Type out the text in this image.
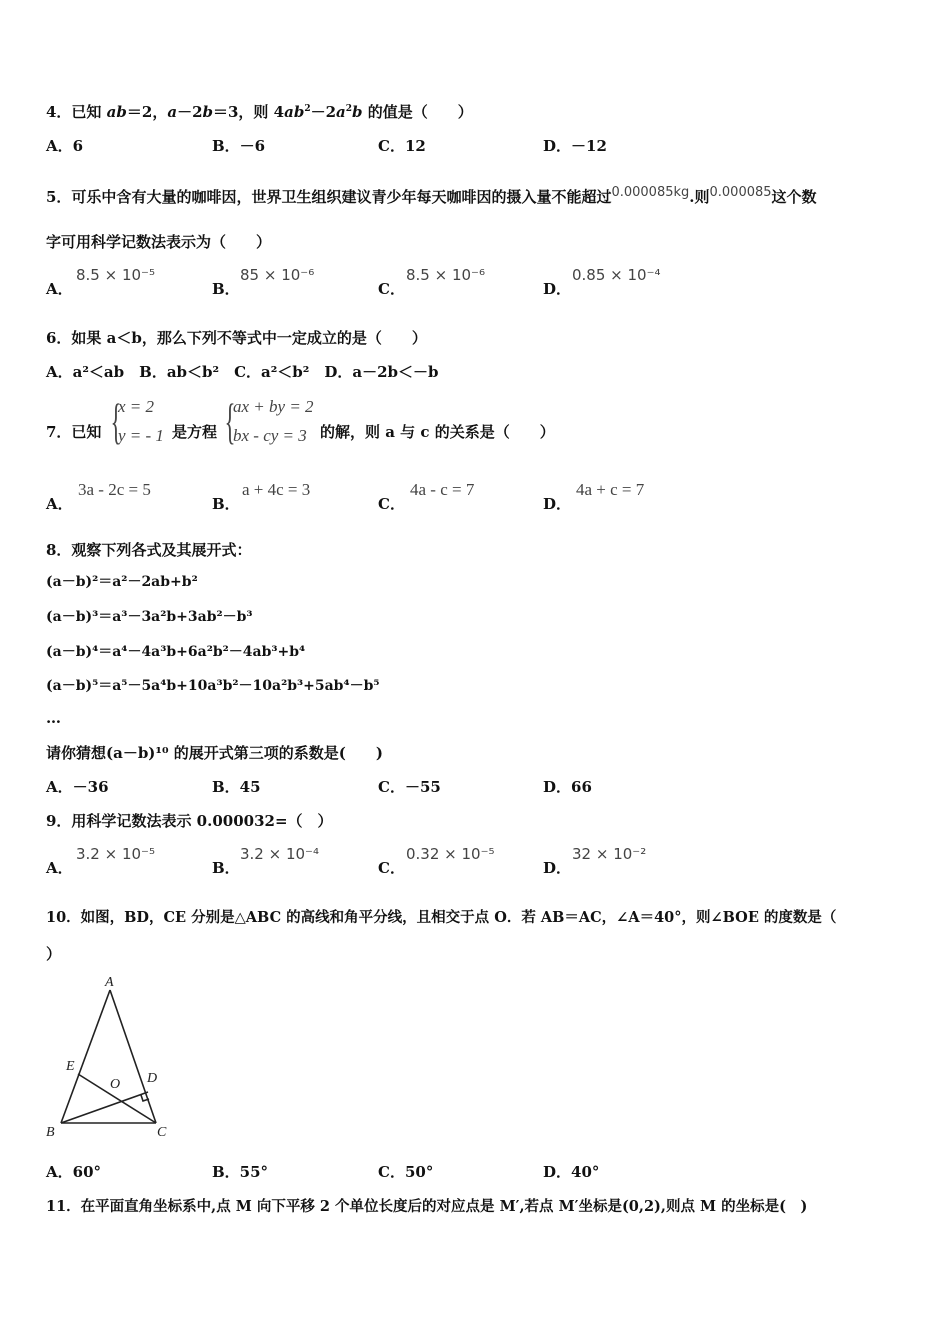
4．已知 ab＝2，a－2b＝3，则 $4ab^2-2a^2b$ 的值是（　　）
A．6	B．－6	C．12	D．－12
5．可乐中含有大量的咖啡因，世界卫生组织建议青少年每天咖啡因的摄入量不能超过0.000085kg.则0.000085这个数
字可用科学记数法表示为（　　）
A．
8.5 × 10⁻⁵
B．
85 × 10⁻⁶
C．
8.5 × 10⁻⁶
D．
0.85 × 10⁻⁴
6．如果 a＜b，那么下列不等式中一定成立的是（　　）
A．a²＜ab　B．ab＜b²　C．a²＜b²　D．a－2b＜－b
7．已知 {
x = 2
y = - 1 是方程 {
ax + by = 2
bx - cy = 3 的解，则 a 与 c 的关系是（　　）
A．
3a - 2c = 5
B．
a + 4c = 3
C．
4a - c = 7
D．
4a + c = 7
8．观察下列各式及其展开式：
(a－b)²＝a²－2ab+b²
(a－b)³＝a³－3a²b+3ab²－b³
(a－b)⁴＝a⁴－4a³b+6a²b²－4ab³+b⁴
(a－b)⁵＝a⁵－5a⁴b+10a³b²－10a²b³+5ab⁴－b⁵
…
请你猜想(a－b)¹⁰ 的展开式第三项的系数是(　　)
A．－36	B．45	C．－55	D．66
9．用科学记数法表示 0.000032=（　）
A．
3.2 × 10⁻⁵
B．
3.2 × 10⁻⁴
C．
0.32 × 10⁻⁵
D．
32 × 10⁻²
10．如图，BD，CE 分别是△ABC 的高线和角平分线，且相交于点 O．若 AB＝AC，∠A＝40°，则∠BOE 的度数是（
）
A
E
O D
B	C
A．60°	B．55°	C．50°	D．40°
11．在平面直角坐标系中,点 M 向下平移 2 个单位长度后的对应点是 M′,若点 M′坐标是(0,2),则点 M 的坐标是(　)
